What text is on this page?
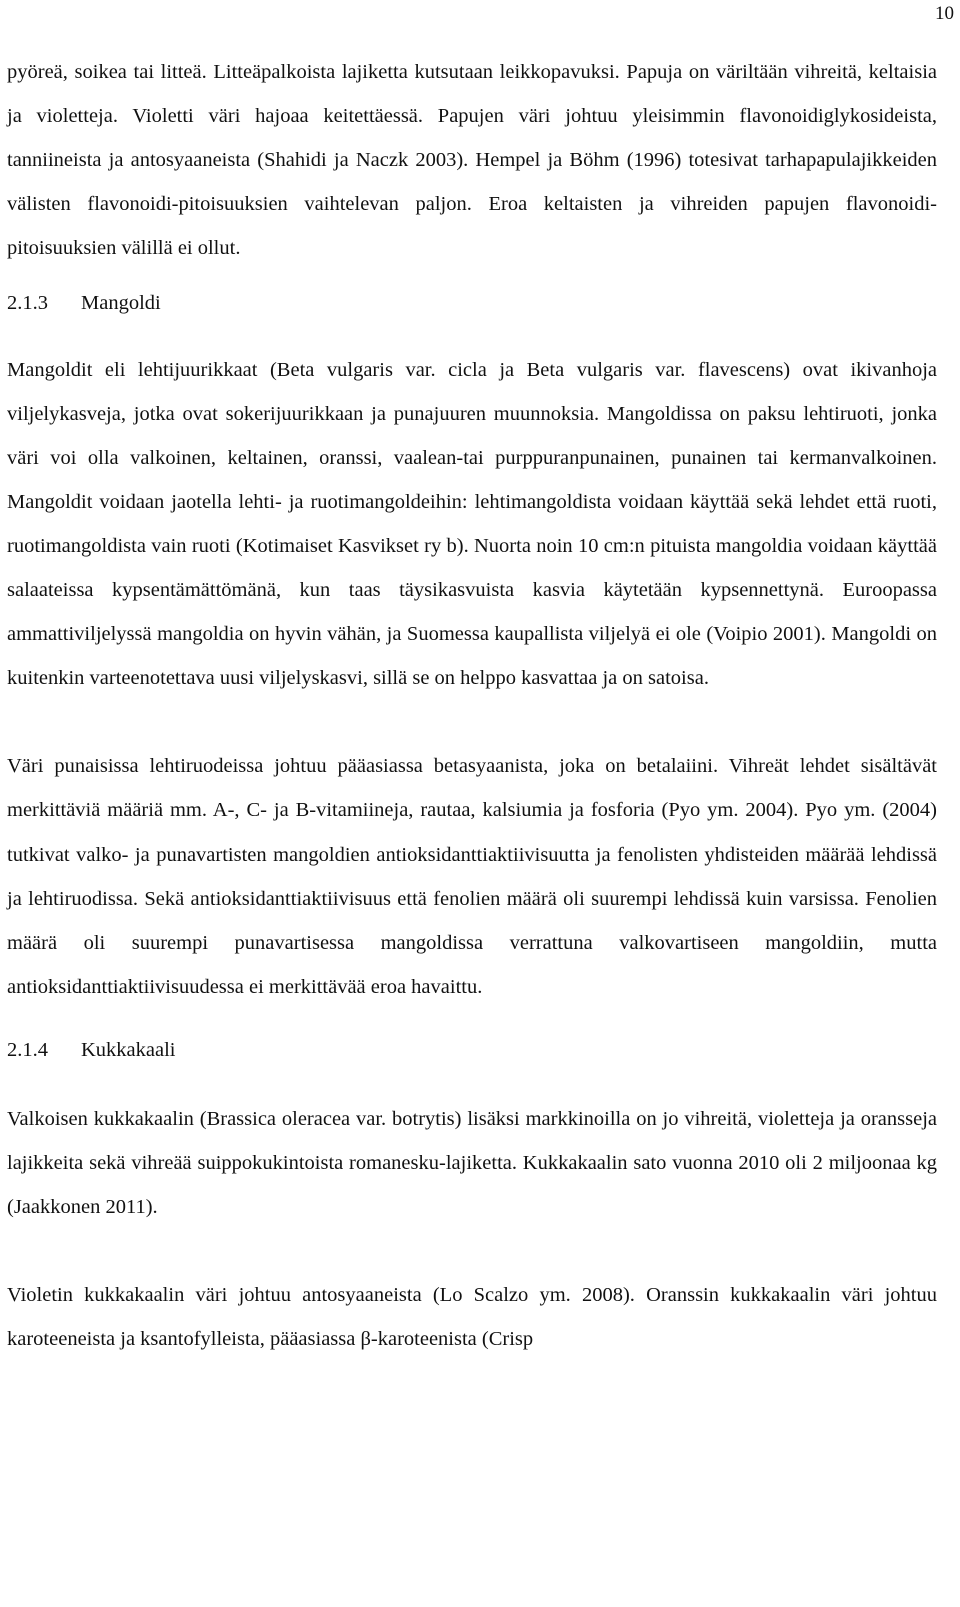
10

pyöreä, soikea tai litteä. Litteäpalkoista lajiketta kutsutaan leikkopavuksi. Papuja on väriltään vihreitä, keltaisia ja violetteja. Violetti väri hajoaa keitettäessä. Papujen väri johtuu yleisimmin flavonoidiglykosideista, tanniineista ja antosyaaneista (Shahidi ja Naczk 2003). Hempel ja Böhm (1996) totesivat tarhapapulajikkeiden välisten flavonoidi-pitoisuuksien vaihtelevan paljon. Eroa keltaisten ja vihreiden papujen flavonoidi-pitoisuuksien välillä ei ollut.

2.1.3 Mangoldi

Mangoldit eli lehtijuurikkaat (Beta vulgaris var. cicla ja Beta vulgaris var. flavescens) ovat ikivanhoja viljelykasveja, jotka ovat sokerijuurikkaan ja punajuuren muunnoksia. Mangoldissa on paksu lehtiruoti, jonka väri voi olla valkoinen, keltainen, oranssi, vaalean-tai purppuranpunainen, punainen tai kermanvalkoinen. Mangoldit voidaan jaotella lehti- ja ruotimangoldeihin: lehtimangoldista voidaan käyttää sekä lehdet että ruoti, ruotimangoldista vain ruoti (Kotimaiset Kasvikset ry b). Nuorta noin 10 cm:n pituista mangoldia voidaan käyttää salaateissa kypsentämättömänä, kun taas täysikasvuista kasvia käytetään kypsennettynä. Euroopassa ammattiviljelyssä mangoldia on hyvin vähän, ja Suomessa kaupallista viljelyä ei ole (Voipio 2001). Mangoldi on kuitenkin varteenotettava uusi viljelyskasvi, sillä se on helppo kasvattaa ja on satoisa.

Väri punaisissa lehtiruodeissa johtuu pääasiassa betasyaanista, joka on betalaiini. Vihreät lehdet sisältävät merkittäviä määriä mm. A-, C- ja B-vitamiineja, rautaa, kalsiumia ja fosforia (Pyo ym. 2004). Pyo ym. (2004) tutkivat valko- ja punavartisten mangoldien antioksidanttiaktiivisuutta ja fenolisten yhdisteiden määrää lehdissä ja lehtiruodissa. Sekä antioksidanttiaktiivisuus että fenolien määrä oli suurempi lehdissä kuin varsissa. Fenolien määrä oli suurempi punavartisessa mangoldissa verrattuna valkovartiseen mangoldiin, mutta antioksidanttiaktiivisuudessa ei merkittävää eroa havaittu.

2.1.4 Kukkakaali

Valkoisen kukkakaalin (Brassica oleracea var. botrytis) lisäksi markkinoilla on jo vihreitä, violetteja ja oransseja lajikkeita sekä vihreää suippokukintoista romanesku-lajiketta. Kukkakaalin sato vuonna 2010 oli 2 miljoonaa kg (Jaakkonen 2011).

Violetin kukkakaalin väri johtuu antosyaaneista (Lo Scalzo ym. 2008). Oranssin kukkakaalin väri johtuu karoteeneista ja ksantofylleista, pääasiassa β-karoteenista (Crisp
